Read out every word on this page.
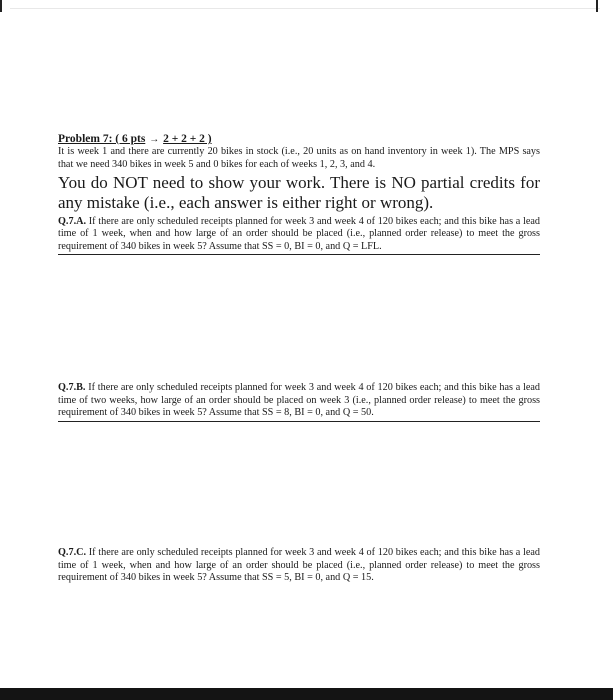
Problem 7: ( 6 pts → 2 + 2 + 2 )
It is week 1 and there are currently 20 bikes in stock (i.e., 20 units as on hand inventory in week 1). The MPS says that we need 340 bikes in week 5 and 0 bikes for each of weeks 1, 2, 3, and 4.
You do NOT need to show your work. There is NO partial credits for any mistake (i.e., each answer is either right or wrong).
Q.7.A. If there are only scheduled receipts planned for week 3 and week 4 of 120 bikes each; and this bike has a lead time of 1 week, when and how large of an order should be placed (i.e., planned order release) to meet the gross requirement of 340 bikes in week 5? Assume that SS = 0, BI = 0, and Q = LFL.
Q.7.B. If there are only scheduled receipts planned for week 3 and week 4 of 120 bikes each; and this bike has a lead time of two weeks, how large of an order should be placed on week 3 (i.e., planned order release) to meet the gross requirement of 340 bikes in week 5? Assume that SS = 8, BI = 0, and Q = 50.
Q.7.C. If there are only scheduled receipts planned for week 3 and week 4 of 120 bikes each; and this bike has a lead time of 1 week, when and how large of an order should be placed (i.e., planned order release) to meet the gross requirement of 340 bikes in week 5? Assume that SS = 5, BI = 0, and Q = 15.
